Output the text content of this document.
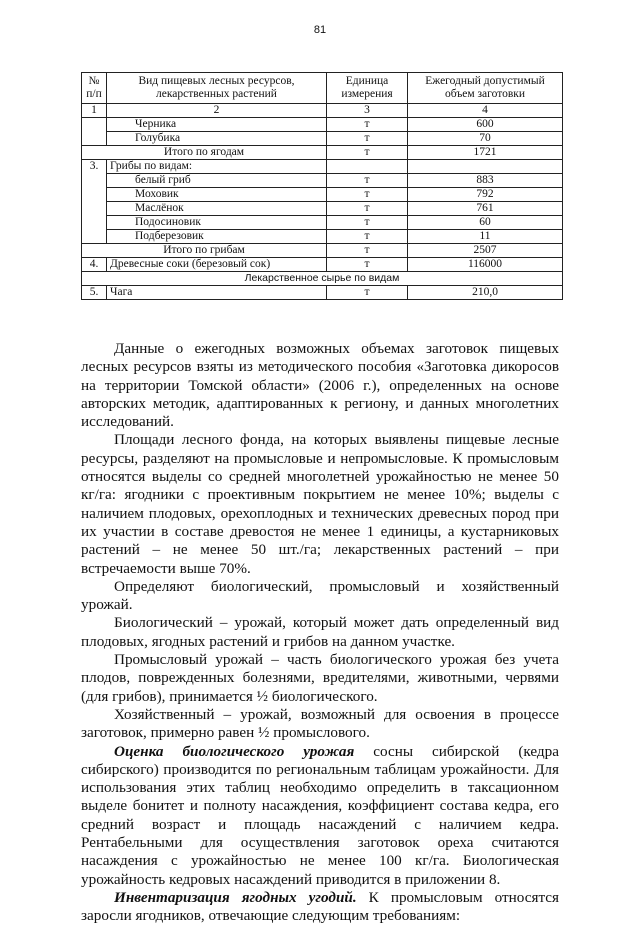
81
№ п/п	Вид пищевых лесных ресурсов, лекарственных растений	Единица измерения	Ежегодный допустимый объем заготовки
1	2	3	4
	Черника	т	600
	Голубика	т	70
Итого по ягодам		т	1721
3.	Грибы по видам:		
	белый гриб	т	883
	Моховик	т	792
	Маслёнок	т	761
	Подосиновик	т	60
	Подберезовик	т	11
Итого по грибам		т	2507
4.	Древесные соки (березовый сок)	т	116000
Лекарственное сырье по видам			
5.	Чага	т	210,0

Данные о ежегодных возможных объемах заготовок пищевых лесных ресурсов взяты из методического пособия «Заготовка дикоросов на территории Томской области» (2006 г.), определенных на основе авторских методик, адаптированных к региону, и данных многолетних исследований.

Площади лесного фонда, на которых выявлены пищевые лесные ресурсы, разделяют на промысловые и непромысловые. К промысловым относятся выделы со средней многолетней урожайностью не менее 50 кг/га: ягодники с проективным покрытием не менее 10%; выделы с наличием плодовых, орехоплодных и технических древесных пород при их участии в составе древостоя не менее 1 единицы, а кустарниковых растений – не менее 50 шт./га; лекарственных растений – при встречаемости выше 70%.

Определяют биологический, промысловый и хозяйственный урожай.

Биологический – урожай, который может дать определенный вид плодовых, ягодных растений и грибов на данном участке.

Промысловый урожай – часть биологического урожая без учета плодов, поврежденных болезнями, вредителями, животными, червями (для грибов), принимается ½ биологического.

Хозяйственный – урожай, возможный для освоения в процессе заготовок, примерно равен ½ промыслового.

Оценка биологического урожая сосны сибирской (кедра сибирского) производится по региональным таблицам урожайности. Для использования этих таблиц необходимо определить в таксационном выделе бонитет и полноту насаждения, коэффициент состава кедра, его средний возраст и площадь насаждений с наличием кедра. Рентабельными для осуществления заготовок ореха считаются насаждения с урожайностью не менее 100 кг/га. Биологическая урожайность кедровых насаждений приводится в приложении 8.

Инвентаризация ягодных угодий. К промысловым относятся заросли ягодников, отвечающие следующим требованиям:
